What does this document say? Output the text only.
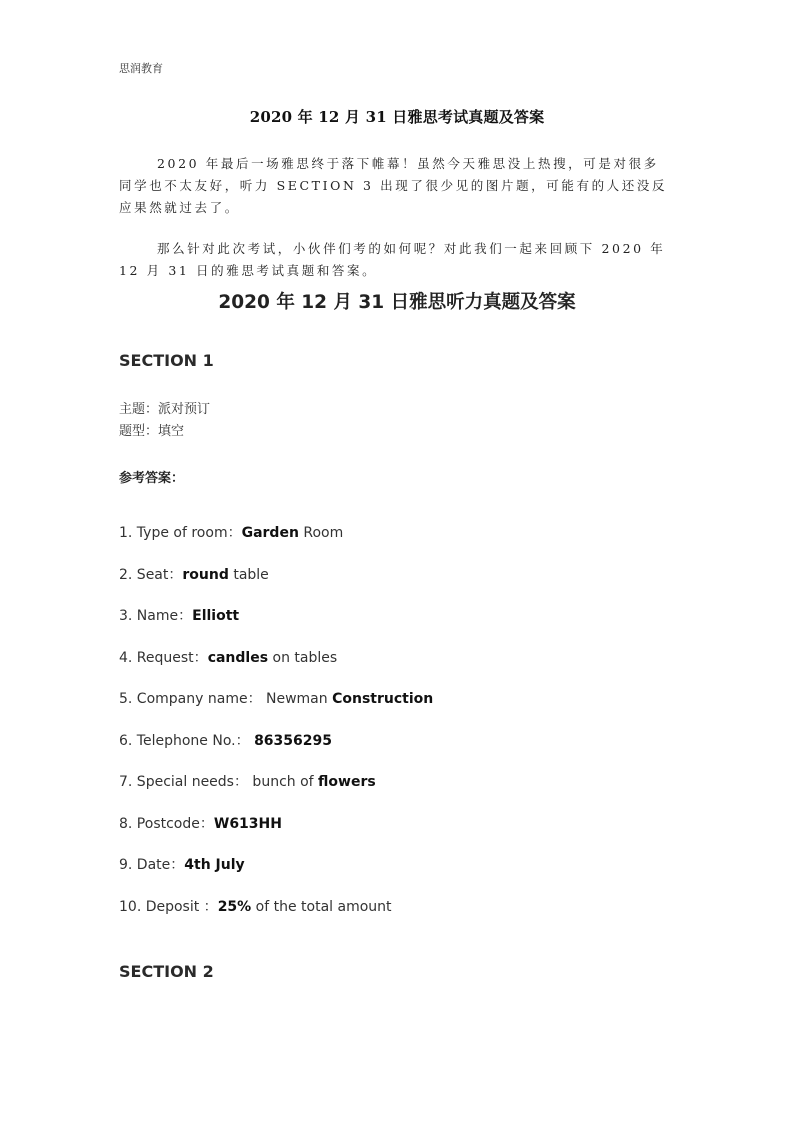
思润教育
2020 年 12 月 31 日雅思考试真题及答案

2020 年最后一场雅思终于落下帷幕！虽然今天雅思没上热搜，可是对很多同学也不太友好，听力 SECTION 3 出现了很少见的图片题，可能有的人还没反应果然就过去了。

那么针对此次考试，小伙伴们考的如何呢？对此我们一起来回顾下 2020 年 12 月 31 日的雅思考试真题和答案。

2020 年 12 月 31 日雅思听力真题及答案
SECTION 1
主题：派对预订
题型：填空
参考答案：
1. Type of room：Garden Room
2. Seat：round table
3. Name：Elliott
4. Request：candles on tables
5. Company name： Newman Construction
6. Telephone No.： 86356295
7. Special needs： bunch of flowers
8. Postcode：W613HH
9. Date：4th July
10. Deposit ：25% of the total amount
SECTION 2
